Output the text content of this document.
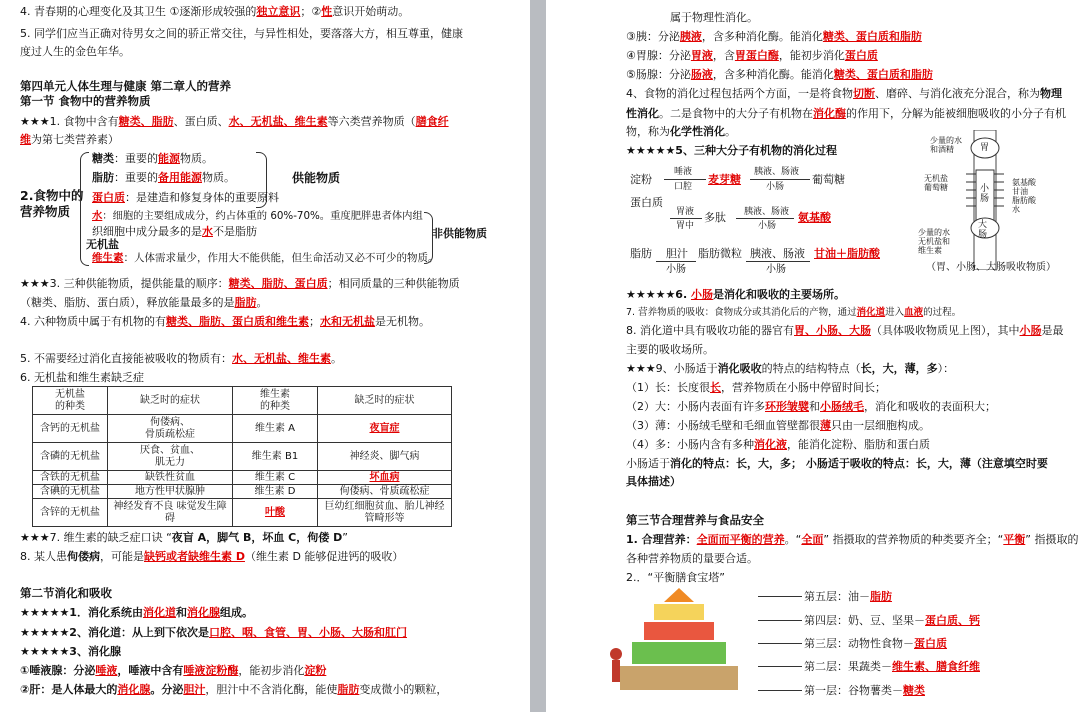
4. 青春期的心理变化及其卫生 ①逐渐形成较强的独立意识；②性意识开始萌动。
5. 同学们应当正确对待男女之间的骄正常交往，与异性相处，要落落大方，相互尊重，健康
度过人生的金色年华。
第四单元人体生理与健康 第二章人的营养
第一节 食物中的营养物质
★★★1. 食物中含有糖类、脂肪、蛋白质、水、无机盐、维生素等六类营养物质（膳食纤
维为第七类营养素）
2.食物中的
营养物质
糖类：重要的能源物质。
脂肪：重要的备用能源物质。	供能物质
蛋白质：是建造和修复身体的重要原料
水：细胞的主要组成成分，约占体重的 60%-70%。重度肥胖患者体内组
织细胞中成分最多的是水不是脂肪
无机盐
维生素：人体需求量少，作用大不能供能，但生命活动又必不可少的物质。
非供能物质
★★★3. 三种供能物质，提供能量的顺序：糖类、脂肪、蛋白质；相同质量的三种供能物质
（糖类、脂肪、蛋白质），释放能量最多的是脂肪。
4. 六种物质中属于有机物的有糖类、脂肪、蛋白质和维生素；水和无机盐是无机物。
5. 不需要经过消化直接能被吸收的物质有：水、无机盐、维生素。
6. 无机盐和维生素缺乏症
无机盐
的种类	缺乏时的症状	维生素
的种类	缺乏时的症状
含钙的无机盐	佝偻病、
骨质疏松症	维生素 A	夜盲症
含磷的无机盐	厌食、贫血、
肌无力	维生素 B1	神经炎、脚气病
含铁的无机盐	缺铁性贫血	维生素 C	坏血病
含碘的无机盐	地方性甲状腺肿	维生素 D	佝偻病、骨质疏松症
含锌的无机盐	神经发育不良 味觉发生障碍	叶酸	巨幼红细胞贫血、胎儿神经管畸形等
★★★7. 维生素的缺乏症口诀 “夜盲 A，脚气 B，坏血 C，佝偻 D”
8. 某人患佝偻病，可能是缺钙或者缺维生素 D（维生素 D 能够促进钙的吸收）
第二节消化和吸收
★★★★★1．消化系统由消化道和消化腺组成。
★★★★★2、消化道：从上到下依次是口腔、咽、食管、胃、小肠、大肠和肛门
★★★★★3、消化腺
①唾液腺：分泌唾液，唾液中含有唾液淀粉酶，能初步消化淀粉
②肝：是人体最大的消化腺。分泌胆汁，胆汁中不含消化酶，能使脂肪变成微小的颗粒，
属于物理性消化。
③胰：分泌胰液，含多种消化酶。能消化糖类、蛋白质和脂肪
④胃腺：分泌胃液，含胃蛋白酶，能初步消化蛋白质
⑤肠腺：分泌肠液，含多种消化酶。能消化糖类、蛋白质和脂肪
4、食物的消化过程包括两个方面，一是将食物切断、磨碎、与消化液充分混合，称为物理
性消化。二是食物中的大分子有机物在消化酶的作用下，分解为能被细胞吸收的小分子有机
物，称为化学性消化。
★★★★★5、三种大分子有机物的消化过程
淀粉
唾液
口腔
麦芽糖
胰液、肠液
小肠
葡萄糖
蛋白质
胃液
胃中
多肽 胰液、肠液
小肠
氨基酸
脂肪 胆汁
小肠
脂肪微粒 胰液、肠液
小肠
甘油＋脂肪酸
少量的水
和酒精	胃
无机盐
葡萄糖	小
肠
氨基酸
甘油
脂肪酸
水
大
肠
少量的水
无机盐和
维生素
（胃、小肠、大肠吸收物质）
★★★★★6. 小肠是消化和吸收的主要场所。
7. 营养物质的吸收：食物成分或其消化后的产物，通过消化道进入血液的过程。
8. 消化道中具有吸收功能的器官有胃、小肠、大肠（具体吸收物质见上图），其中小肠是最
主要的吸收场所。
★★★9、小肠适于消化吸收的特点的结构特点（长，大，薄，多）：
（1）长：长度很长，营养物质在小肠中停留时间长；
（2）大：小肠内表面有许多环形皱襞和小肠绒毛，消化和吸收的表面积大；
（3）薄：小肠绒毛壁和毛细血管壁都很薄只由一层细胞构成。
（4）多：小肠内含有多种消化液，能消化淀粉、脂肪和蛋白质
小肠适于消化的特点：长，大，多； 小肠适于吸收的特点：长，大，薄（注意填空时要
具体描述）
第三节合理营养与食品安全
1. 合理营养：全面而平衡的营养。“全面” 指摄取的营养物质的种类要齐全；“平衡” 指摄取的
各种营养物质的量要合适。
2.．“平衡膳食宝塔”
第五层：油－脂肪
第四层：奶、豆、坚果－蛋白质、钙
第三层：动物性食物－蛋白质
第二层：果蔬类－维生素、膳食纤维
第一层：谷物薯类－糖类
